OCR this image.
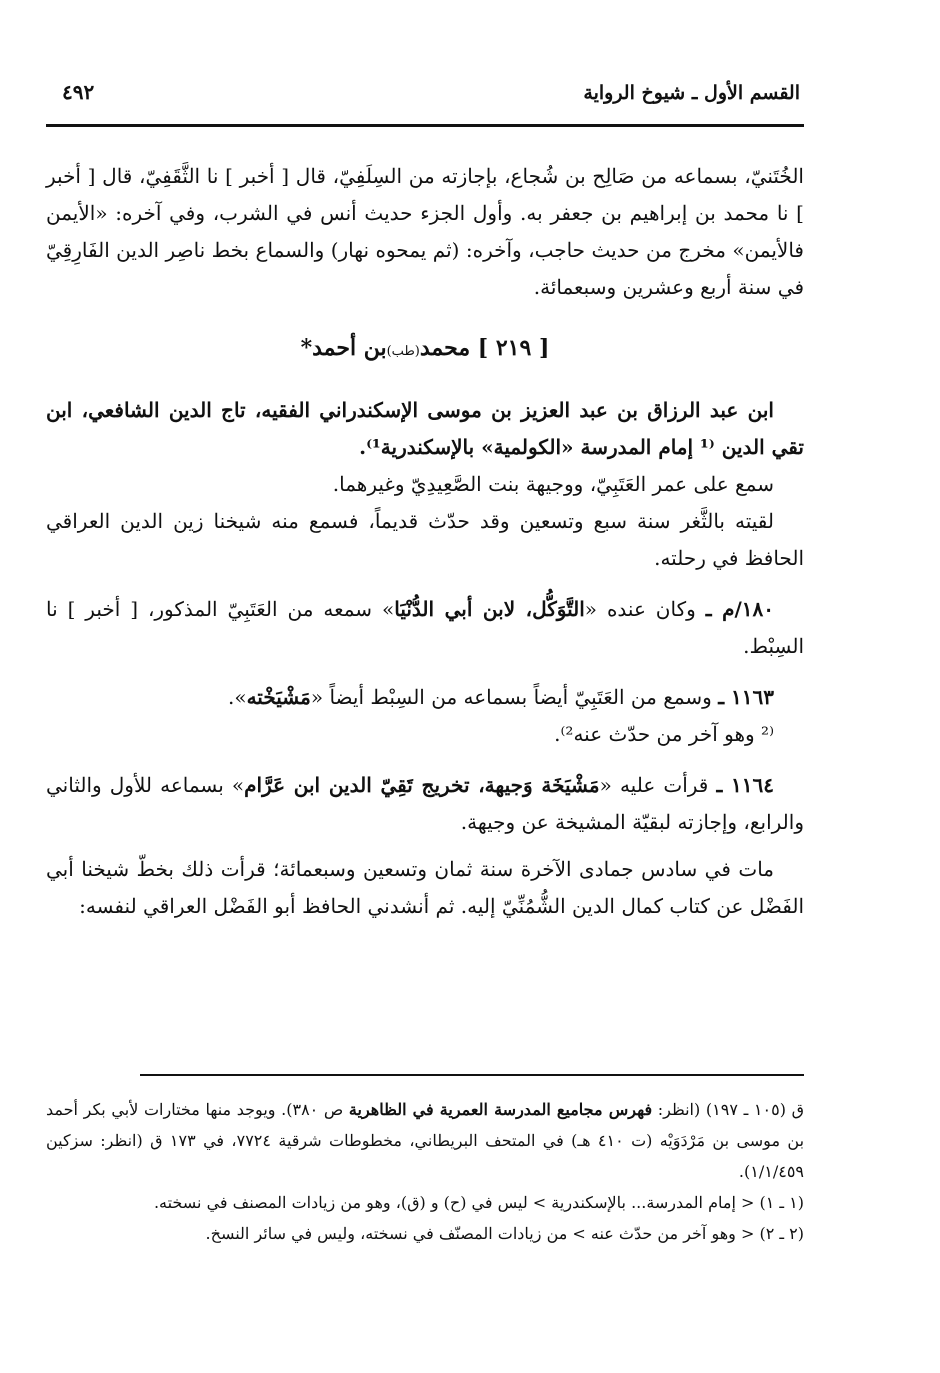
القسم الأول ـ شيوخ الرواية
٤٩٢

الخُتَنيّ، بسماعه من صَالِح بن شُجاع، بإجازته من السِلَفِيّ، قال [ أخبر ] نا الثَّقَفِيّ، قال [ أخبر ] نا محمد بن إبراهيم بن جعفر به. وأول الجزء حديث أنس في الشرب، وفي آخره: «الأيمن فالأيمن» مخرج من حديث حاجب، وآخره: (ثم يمحوه نهار) والسماع بخط ناصِر الدين الفَارِقِيّ في سنة أربع وعشرين وسبعمائة.

[ ٢١٩ ] محمد(طب)بن أحمد*

ابن عبد الرزاق بن عبد العزيز بن موسى الإسكندراني الفقيه، تاج الدين الشافعي، ابن تقي الدين ⁽¹ إمام المدرسة «الكولمية» بالإسكندرية¹⁾.

سمع على عمر العَتَبِيّ، ووجيهة بنت الصَّعِيدِيّ وغيرهما.

لقيته بالثَّغر سنة سبع وتسعين وقد حدّث قديماً، فسمع منه شيخنا زين الدين العراقي الحافظ في رحلته.

١٨٠/م ـ وكان عنده «التَّوَكُّل، لابن أبي الدُّنْيَا» سمعه من العَتَبِيّ المذكور، [ أخبر ] نا السِبْط.

١١٦٣ ـ وسمع من العَتَبِيّ أيضاً بسماعه من السِبْط أيضاً «مَشْيَخْته».

⁽² وهو آخر من حدّث عنه²⁾.

١١٦٤ ـ قرأت عليه «مَشْيَخَة وَجيهة، تخريج تَقِيّ الدين ابن عَرَّام» بسماعه للأول والثاني والرابع، وإجازته لبقيّة المشيخة عن وجيهة.

مات في سادس جمادى الآخرة سنة ثمان وتسعين وسبعمائة؛ قرأت ذلك بخطّ شيخنا أبي الفَضْل عن كتاب كمال الدين الشُّمُنِّيّ إليه. ثم أنشدني الحافظ أبو الفَضْل العراقي لنفسه:

ق (١٠٥ ـ ١٩٧) (انظر: فهرس مجاميع المدرسة العمرية في الظاهرية ص ٣٨٠). ويوجد منها مختارات لأبي بكر أحمد بن موسى بن مَرْدَوَيْه (ت ٤١٠ هـ) في المتحف البريطاني، مخطوطات شرقية ٧٧٢٤، في ١٧٣ ق (انظر: سزكين ١/١/٤٥٩).

(١ ـ ١) < إمام المدرسة... بالإسكندرية > ليس في (ح) و (ق)، وهو من زيادات المصنف في نسخته.

(٢ ـ ٢) < وهو آخر من حدّث عنه > من زيادات المصنّف في نسخته، وليس في سائر النسخ.
